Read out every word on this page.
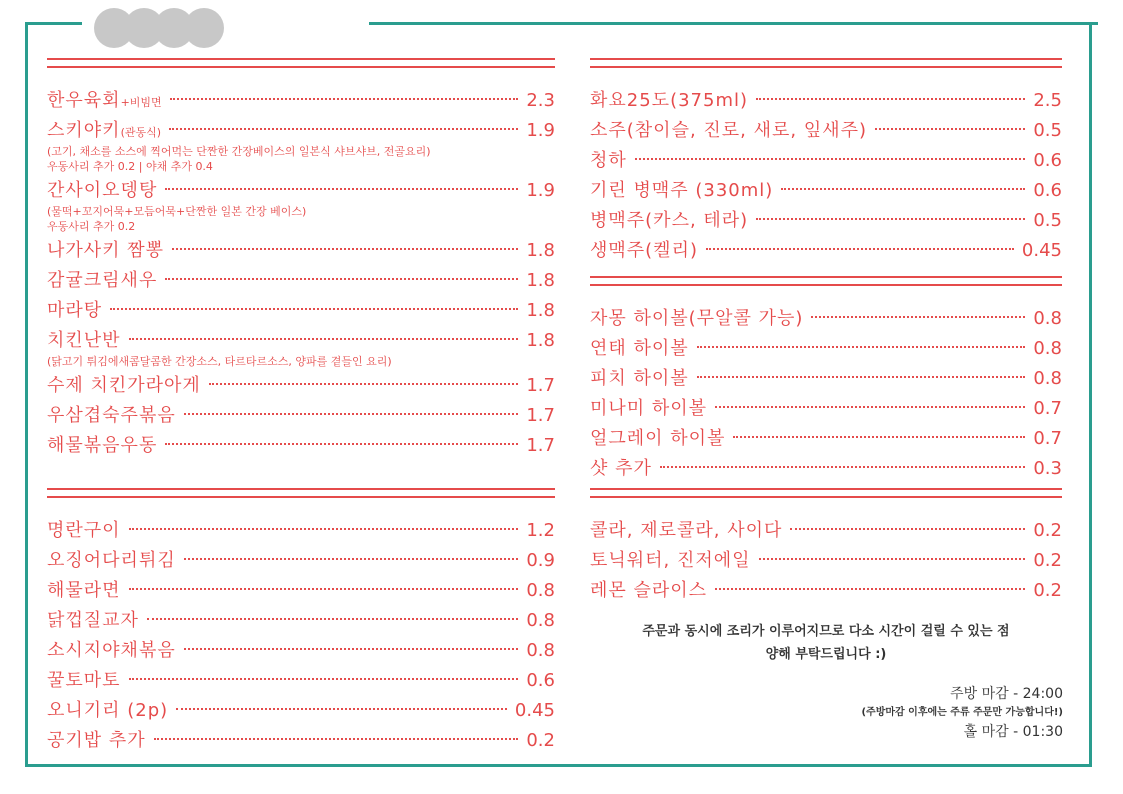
한우육회+비빔면	2.3
스키야키(관동식)	1.9
(고기, 채소를 소스에 찍어먹는 단짠한 간장베이스의 일본식 샤브샤브, 전골요리)
우동사리 추가 0.2 | 야채 추가 0.4
간사이오뎅탕	1.9
(물떡+꼬지어묵+모듬어묵+단짠한 일본 간장 베이스)
우동사리 추가 0.2
나가사키 짬뽕	1.8
감귤크림새우	1.8
마라탕	1.8
치킨난반	1.8
(닭고기 튀김에새콤달콤한 간장소스, 타르타르소스, 양파를 곁들인 요리)
수제 치킨가라아게	1.7
우삼겹숙주볶음	1.7
해물볶음우동	1.7
명란구이	1.2
오징어다리튀김	0.9
해물라면	0.8
닭껍질교자	0.8
소시지야채볶음	0.8
꿀토마토	0.6
오니기리 (2p)	0.45
공기밥 추가	0.2
화요25도(375ml)	2.5
소주(참이슬, 진로, 새로, 잎새주)	0.5
청하	0.6
기린 병맥주 (330ml)	0.6
병맥주(카스, 테라)	0.5
생맥주(켈리)	0.45
자몽 하이볼(무알콜 가능)	0.8
연태 하이볼	0.8
피치 하이볼	0.8
미나미 하이볼	0.7
얼그레이 하이볼	0.7
샷 추가	0.3
콜라, 제로콜라, 사이다	0.2
토닉워터, 진저에일	0.2
레몬 슬라이스	0.2
주문과 동시에 조리가 이루어지므로 다소 시간이 걸릴 수 있는 점
양해 부탁드립니다 :)
주방 마감 - 24:00
(주방마감 이후에는 주류 주문만 가능합니다!)
홀 마감 - 01:30
